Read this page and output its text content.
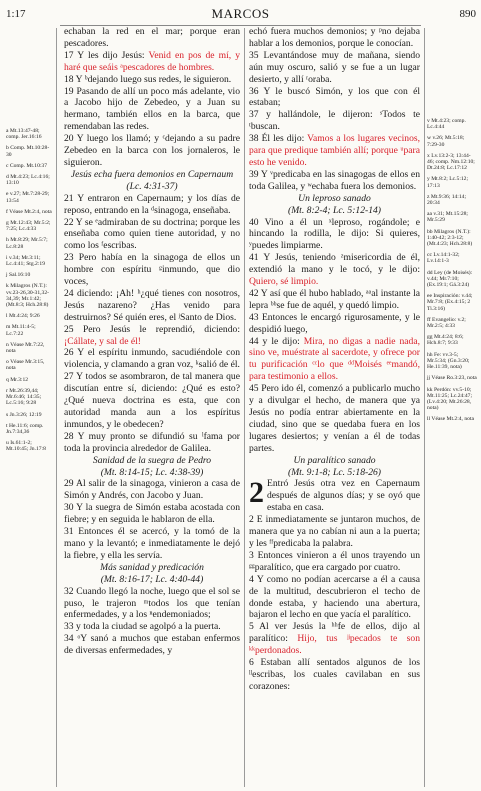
1:17	MARCOS	890
a Mt.13:47-48; comp. Jer.16:16
b Comp. Mt.10:28-30
c Comp. Mt.10:37
d Mt.4:23; Lc.4:16; 13:10
e v.27; Mt.7:28-29; 13:54
f Véase Mt.2:4, nota
g Mt.12:43; Mr.5:2; 7:25; Lc.4:33
h Mt.8:29; Mr.5:7; Lc.8:28
i v.34; Mr.3:11; Lc.4:41; Stg.2:19
j Sal.16:10
k Milagros (N.T.): vv.23-26,30-31,32-34,39; Mr.1:42; (Mt.8:3; Hch.28:8)
l Mt.4:24; 9:26
m Mt.11:4-5; Lc.7:22
n Véase Mt.7:22, nota
o Véase Mr.3:15, nota
q Mr.3:12
r Mt.26:39,44; Mr.6:46; 14:35; Lc.5:16; 9:28
s Jn.3:26; 12:19
t He.11:6; comp. Jn.7:34,36
u Is.61:1-2; Mt.10:45; Jn.17:8

echaban la red en el mar; porque eran pescadores.

17 Y les dijo Jesús: Venid en pos de mí, y haré que seáis ᵃpescadores de hombres.

18 Y ᵇdejando luego sus redes, le siguieron.

19 Pasando de allí un poco más adelante, vio a Jacobo hijo de Zebedeo, y a Juan su hermano, también ellos en la barca, que remendaban las redes.

20 Y luego los llamó; y ᶜdejando a su padre Zebedeo en la barca con los jornaleros, le siguieron.

Jesús echa fuera demonios en Capernaum

(Lc. 4:31-37)

21 Y entraron en Capernaum; y los días de reposo, entrando en la ᵈsinagoga, enseñaba.

22 Y se ᵉadmiraban de su doctrina; porque les enseñaba como quien tiene autoridad, y no como los ᶠescribas.

23 Pero había en la sinagoga de ellos un hombre con espíritu ᵍinmundo, que dio voces,

24 diciendo: ¡Ah! ʰ¿qué tienes con nosotros, Jesús nazareno? ¿Has venido para destruirnos? Sé quién eres, el ʲSanto de Dios.

25 Pero Jesús le reprendió, diciendo: ¡Cállate, y sal de él!

26 Y el espíritu inmundo, sacudiéndole con violencia, y clamando a gran voz, ᵏsalió de él.

27 Y todos se asombraron, de tal manera que discutían entre sí, diciendo: ¿Qué es esto? ¿Qué nueva doctrina es esta, que con autoridad manda aun a los espíritus inmundos, y le obedecen?

28 Y muy pronto se difundió su ˡfama por toda la provincia alrededor de Galilea.

Sanidad de la suegra de Pedro

(Mt. 8:14-15; Lc. 4:38-39)

29 Al salir de la sinagoga, vinieron a casa de Simón y Andrés, con Jacobo y Juan.

30 Y la suegra de Simón estaba acostada con fiebre; y en seguida le hablaron de ella.

31 Entonces él se acercó, y la tomó de la mano y la levantó; e inmediatamente le dejó la fiebre, y ella les servía.

Más sanidad y predicación

(Mt. 8:16-17; Lc. 4:40-44)

32 Cuando llegó la noche, luego que el sol se puso, le trajeron ᵐtodos los que tenían enfermedades, y a los ⁿendemoniados;

33 y toda la ciudad se agolpó a la puerta.

34 ᵒY sanó a muchos que estaban enfermos de diversas enfermedades, y

echó fuera muchos demonios; y ᵖno dejaba hablar a los demonios, porque le conocían.

35 Levantándose muy de mañana, siendo aún muy oscuro, salió y se fue a un lugar desierto, y allí ʳoraba.

36 Y le buscó Simón, y los que con él estaban;

37 y hallándole, le dijeron: ˢTodos te ᵗbuscan.

38 Él les dijo: Vamos a los lugares vecinos, para que predique también allí; porque ᵘpara esto he venido.

39 Y ᵛpredicaba en las sinagogas de ellos en toda Galilea, y ʷechaba fuera los demonios.

Un leproso sanado

(Mt. 8:2-4; Lc. 5:12-14)

40 Vino a él un ˣleproso, rogándole; e hincando la rodilla, le dijo: Si quieres, ʸpuedes limpiarme.

41 Y Jesús, teniendo ᶻmisericordia de él, extendió la mano y le tocó, y le dijo: Quiero, sé limpio.

42 Y así que él hubo hablado, ᵃᵃal instante la lepra ᵇᵇse fue de aquél, y quedó limpio.

43 Entonces le encargó rigurosamente, y le despidió luego,

44 y le dijo: Mira, no digas a nadie nada, sino ve, muéstrate al sacerdote, y ofrece por tu purificación ᶜᶜlo que ᵈᵈMoisés ᵉᵉmandó, para testimonio a ellos.

45 Pero ido él, comenzó a publicarlo mucho y a divulgar el hecho, de manera que ya Jesús no podía entrar abiertamente en la ciudad, sino que se quedaba fuera en los lugares desiertos; y venían a él de todas partes.

Un paralítico sanado

(Mt. 9:1-8; Lc. 5:18-26)

2 Entró Jesús otra vez en Capernaum después de algunos días; y se oyó que estaba en casa.

2 E inmediatamente se juntaron muchos, de manera que ya no cabían ni aun a la puerta; y les ᶠᶠpredicaba la palabra.

3 Entonces vinieron a él unos trayendo un ᵍᵍparalítico, que era cargado por cuatro.

4 Y como no podían acercarse a él a causa de la multitud, descubrieron el techo de donde estaba, y haciendo una abertura, bajaron el lecho en que yacía el paralítico.

5 Al ver Jesús la ʰʰfe de ellos, dijo al paralítico: Hijo, tus ʲʲpecados te son ᵏᵏperdonados.

6 Estaban allí sentados algunos de los ˡˡescribas, los cuales cavilaban en sus corazones:

v Mt.4:23; comp. Lc.4:44
w v.26; Mt.5:18; 7:29-30
x Lv.13:2-3; 13:44-46; comp. Nm.12:10; Dt.24:8; Lc.17:12
y Mt.8:2; Lc.5:12; 17:13
z Mt.9:36; 14:14; 20:34
aa v.31; Mt.15:28; Mr.5:29
bb Milagros (N.T.): 1:40-42; 2:3-12; (Mt.4:23; Hch.28:8)
cc Lv.14:1-32; Lv.14:1-3
dd Ley (de Moisés): v.44; Mr.7:10; (Ex.19:1; Gá.3:24)
ee Inspiración: v.44; Mr.7:8; (Ex.4:15; 2 Ti.3:16)
ff Evangelio: v.2; Mr.2:5; 4:33
gg Mt.4:24; 8:6; Hch.8:7; 9:33
hh Fe: vv.3-5; Mr.5:34; (Gn.3:20; He.11:39, nota)
jj Véase Ro.3:23, nota
kk Perdón: vv.5-10; Mt.11:25; Lc.24:47; (Lv.4:20; Mt.26:28, nota)
ll Véase Mt.2:4, nota
